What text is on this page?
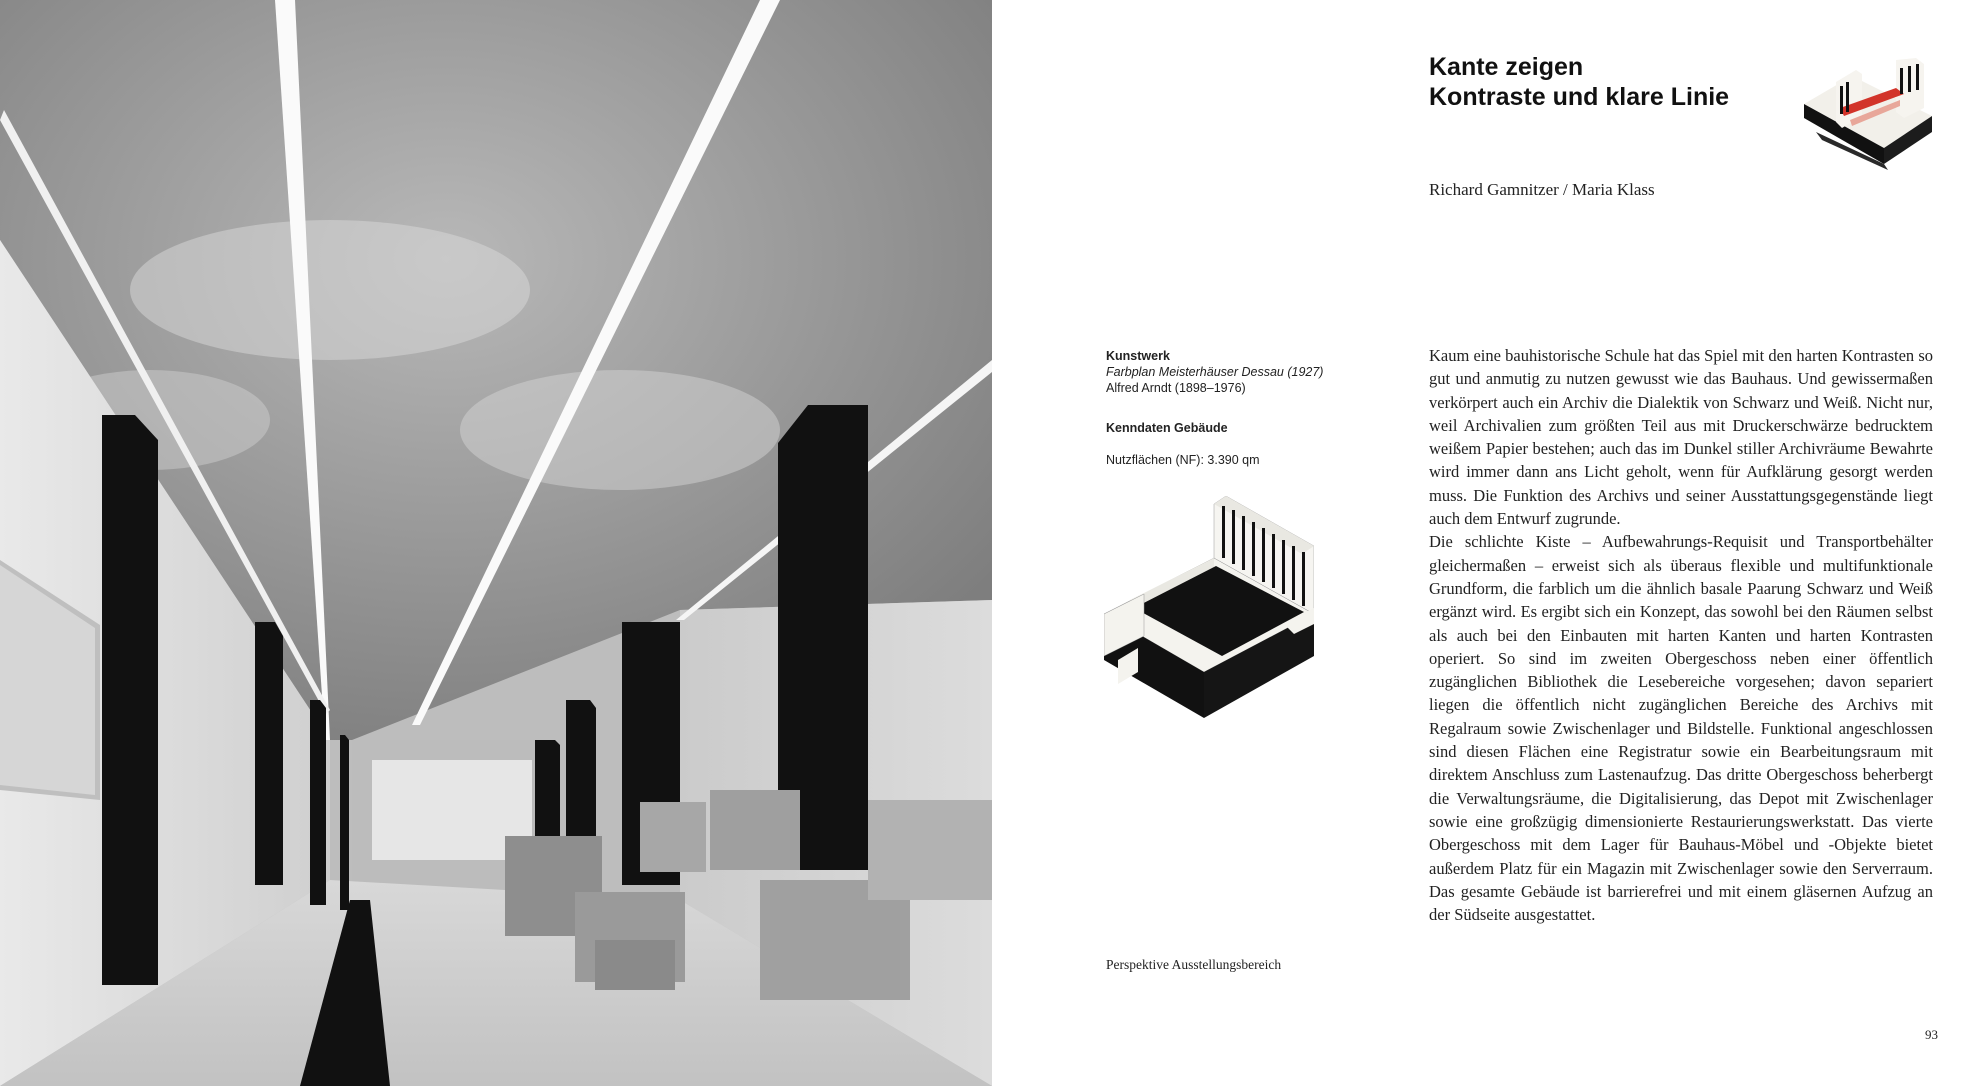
Kante zeigen
Kontraste und klare Linie

Richard Gamnitzer / Maria Klass

Kunstwerk
Farbplan Meisterhäuser Dessau (1927)
Alfred Arndt (1898–1976)
Kenndaten Gebäude
Nutzflächen (NF): 3.390 qm

Perspektive Ausstellungsbereich

Kaum eine bauhistorische Schule hat das Spiel mit den harten Kontrasten so gut und anmutig zu nutzen gewusst wie das Bauhaus. Und gewissermaßen verkörpert auch ein Archiv die Dialektik von Schwarz und Weiß. Nicht nur, weil Archivalien zum größten Teil aus mit Druckerschwärze bedrucktem weißem Papier bestehen; auch das im Dunkel stiller Archivräume Bewahrte wird immer dann ans Licht geholt, wenn für Aufklärung gesorgt werden muss. Die Funktion des Archivs und seiner Ausstattungsgegenstände liegt auch dem Entwurf zugrunde.

Die schlichte Kiste – Aufbewahrungs-Requisit und Transportbehälter gleichermaßen – erweist sich als überaus flexible und multifunktionale Grundform, die farblich um die ähnlich basale Paarung Schwarz und Weiß ergänzt wird. Es ergibt sich ein Konzept, das sowohl bei den Räumen selbst als auch bei den Einbauten mit harten Kanten und harten Kontrasten operiert. So sind im zweiten Obergeschoss neben einer öffentlich zugänglichen Bibliothek die Lesebereiche vorgesehen; davon separiert liegen die öffentlich nicht zugänglichen Bereiche des Archivs mit Regalraum sowie Zwischenlager und Bildstelle. Funktional angeschlossen sind diesen Flächen eine Registratur sowie ein Bearbeitungsraum mit direktem Anschluss zum Lastenaufzug. Das dritte Obergeschoss beherbergt die Verwaltungsräume, die Digitalisierung, das Depot mit Zwischenlager sowie eine großzügig dimensionierte Restaurierungswerkstatt. Das vierte Obergeschoss mit dem Lager für Bauhaus-Möbel und -Objekte bietet außerdem Platz für ein Magazin mit Zwischenlager sowie den Serverraum. Das gesamte Gebäude ist barrierefrei und mit einem gläsernen Aufzug an der Südseite ausgestattet.

93
